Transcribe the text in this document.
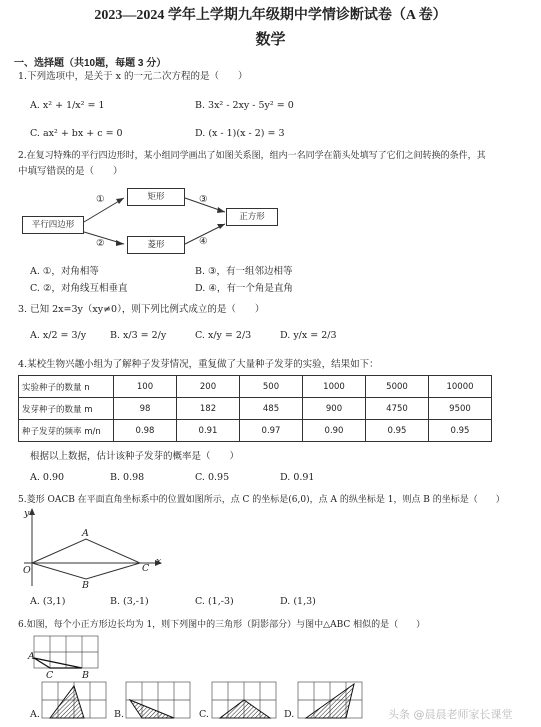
2023—2024 学年上学期九年级期中学情诊断试卷（A 卷）
数学
一、选择题（共10题，每题 3 分）
1.下列选项中，是关于 x 的一元二次方程的是（　　）
A. x² + 1/x² = 1	B. 3x² - 2xy - 5y² = 0
C. ax² + bx + c = 0	D. (x - 1)(x - 2) = 3
2.在复习特殊的平行四边形时，某小组同学画出了如图关系图，组内一名同学在箭头处填写了它们之间转换的条件，其
中填写错误的是（　　）
平行四边形
矩形
菱形
正方形
①
②
③
④
A. ①，对角相等	B. ③，有一组邻边相等
C. ②，对角线互相垂直	D. ④，有一个角是直角
3. 已知 2x=3y（xy≠0），则下列比例式成立的是（　　）
A. x/2 = 3/y	B. x/3 = 2/y	C. x/y = 2/3	D. y/x = 2/3
4.某校生物兴趣小组为了解种子发芽情况，重复做了大量种子发芽的实验，结果如下：
实验种子的数量 n	100	200	500	1000	5000	10000
发芽种子的数量 m	98	182	485	900	4750	9500
种子发芽的频率 m/n	0.98	0.91	0.97	0.90	0.95	0.95
根据以上数据，估计该种子发芽的概率是（　　）
A. 0.90	B. 0.98	C. 0.95	D. 0.91
5.菱形 OACB 在平面直角坐标系中的位置如图所示，点 C 的坐标是(6,0)，点 A 的纵坐标是 1，则点 B 的坐标是（　　）
y
x
O
A
B
C
A. (3,1)	B. (3,-1)	C. (1,-3)	D. (1,3)
6.如图，每个小正方形边长均为 1，则下列图中的三角形（阴影部分）与图中△ABC 相似的是（　　）
A
C	B
A.	B.	C.	D.	头条 @晨晨老师家长课堂
